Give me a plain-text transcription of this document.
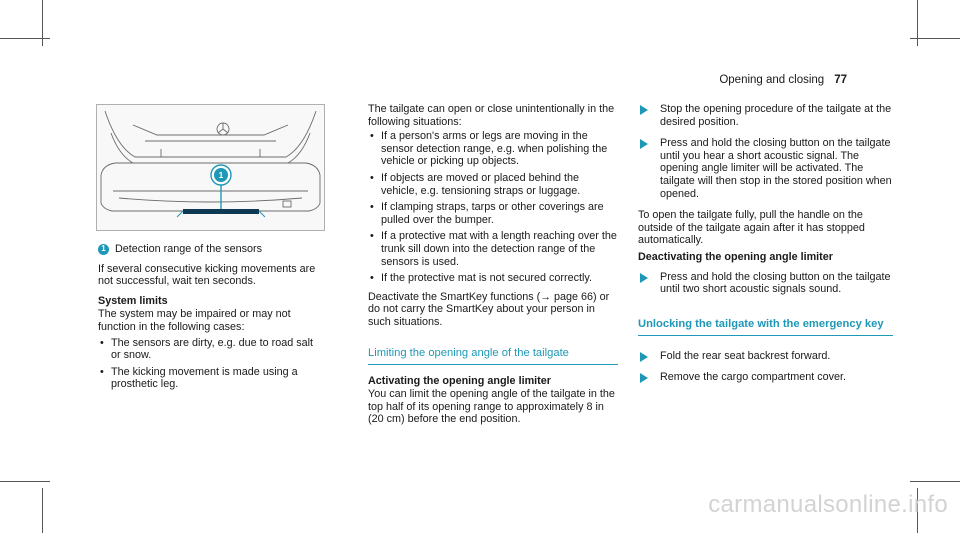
Opening and closing 77
1

1 Detection range of the sensors

If several consecutive kicking movements are not successful, wait ten seconds.

System limits

The system may be impaired or may not function in the following cases:

• The sensors are dirty, e.g. due to road salt or snow.
• The kicking movement is made using a prosthetic leg.

The tailgate can open or close unintentionally in the following situations:

• If a person's arms or legs are moving in the sensor detection range, e.g. when polishing the vehicle or picking up objects.
• If objects are moved or placed behind the vehicle, e.g. tensioning straps or luggage.
• If clamping straps, tarps or other coverings are pulled over the bumper.
• If a protective mat with a length reaching over the trunk sill down into the detection range of the sensors is used.
• If the protective mat is not secured correctly.

Deactivate the SmartKey functions (→ page 66) or do not carry the SmartKey about your person in such situations.

Limiting the opening angle of the tailgate

Activating the opening angle limiter

You can limit the opening angle of the tailgate in the top half of its opening range to approximately 8 in (20 cm) before the end position.

Stop the opening procedure of the tailgate at the desired position.
Press and hold the closing button on the tailgate until you hear a short acoustic signal. The opening angle limiter will be activated. The tailgate will then stop in the stored position when opened.

To open the tailgate fully, pull the handle on the outside of the tailgate again after it has stopped automatically.

Deactivating the opening angle limiter

Press and hold the closing button on the tailgate until two short acoustic signals sound.
Unlocking the tailgate with the emergency key
Fold the rear seat backrest forward.
Remove the cargo compartment cover.
carmanualsonline.info
